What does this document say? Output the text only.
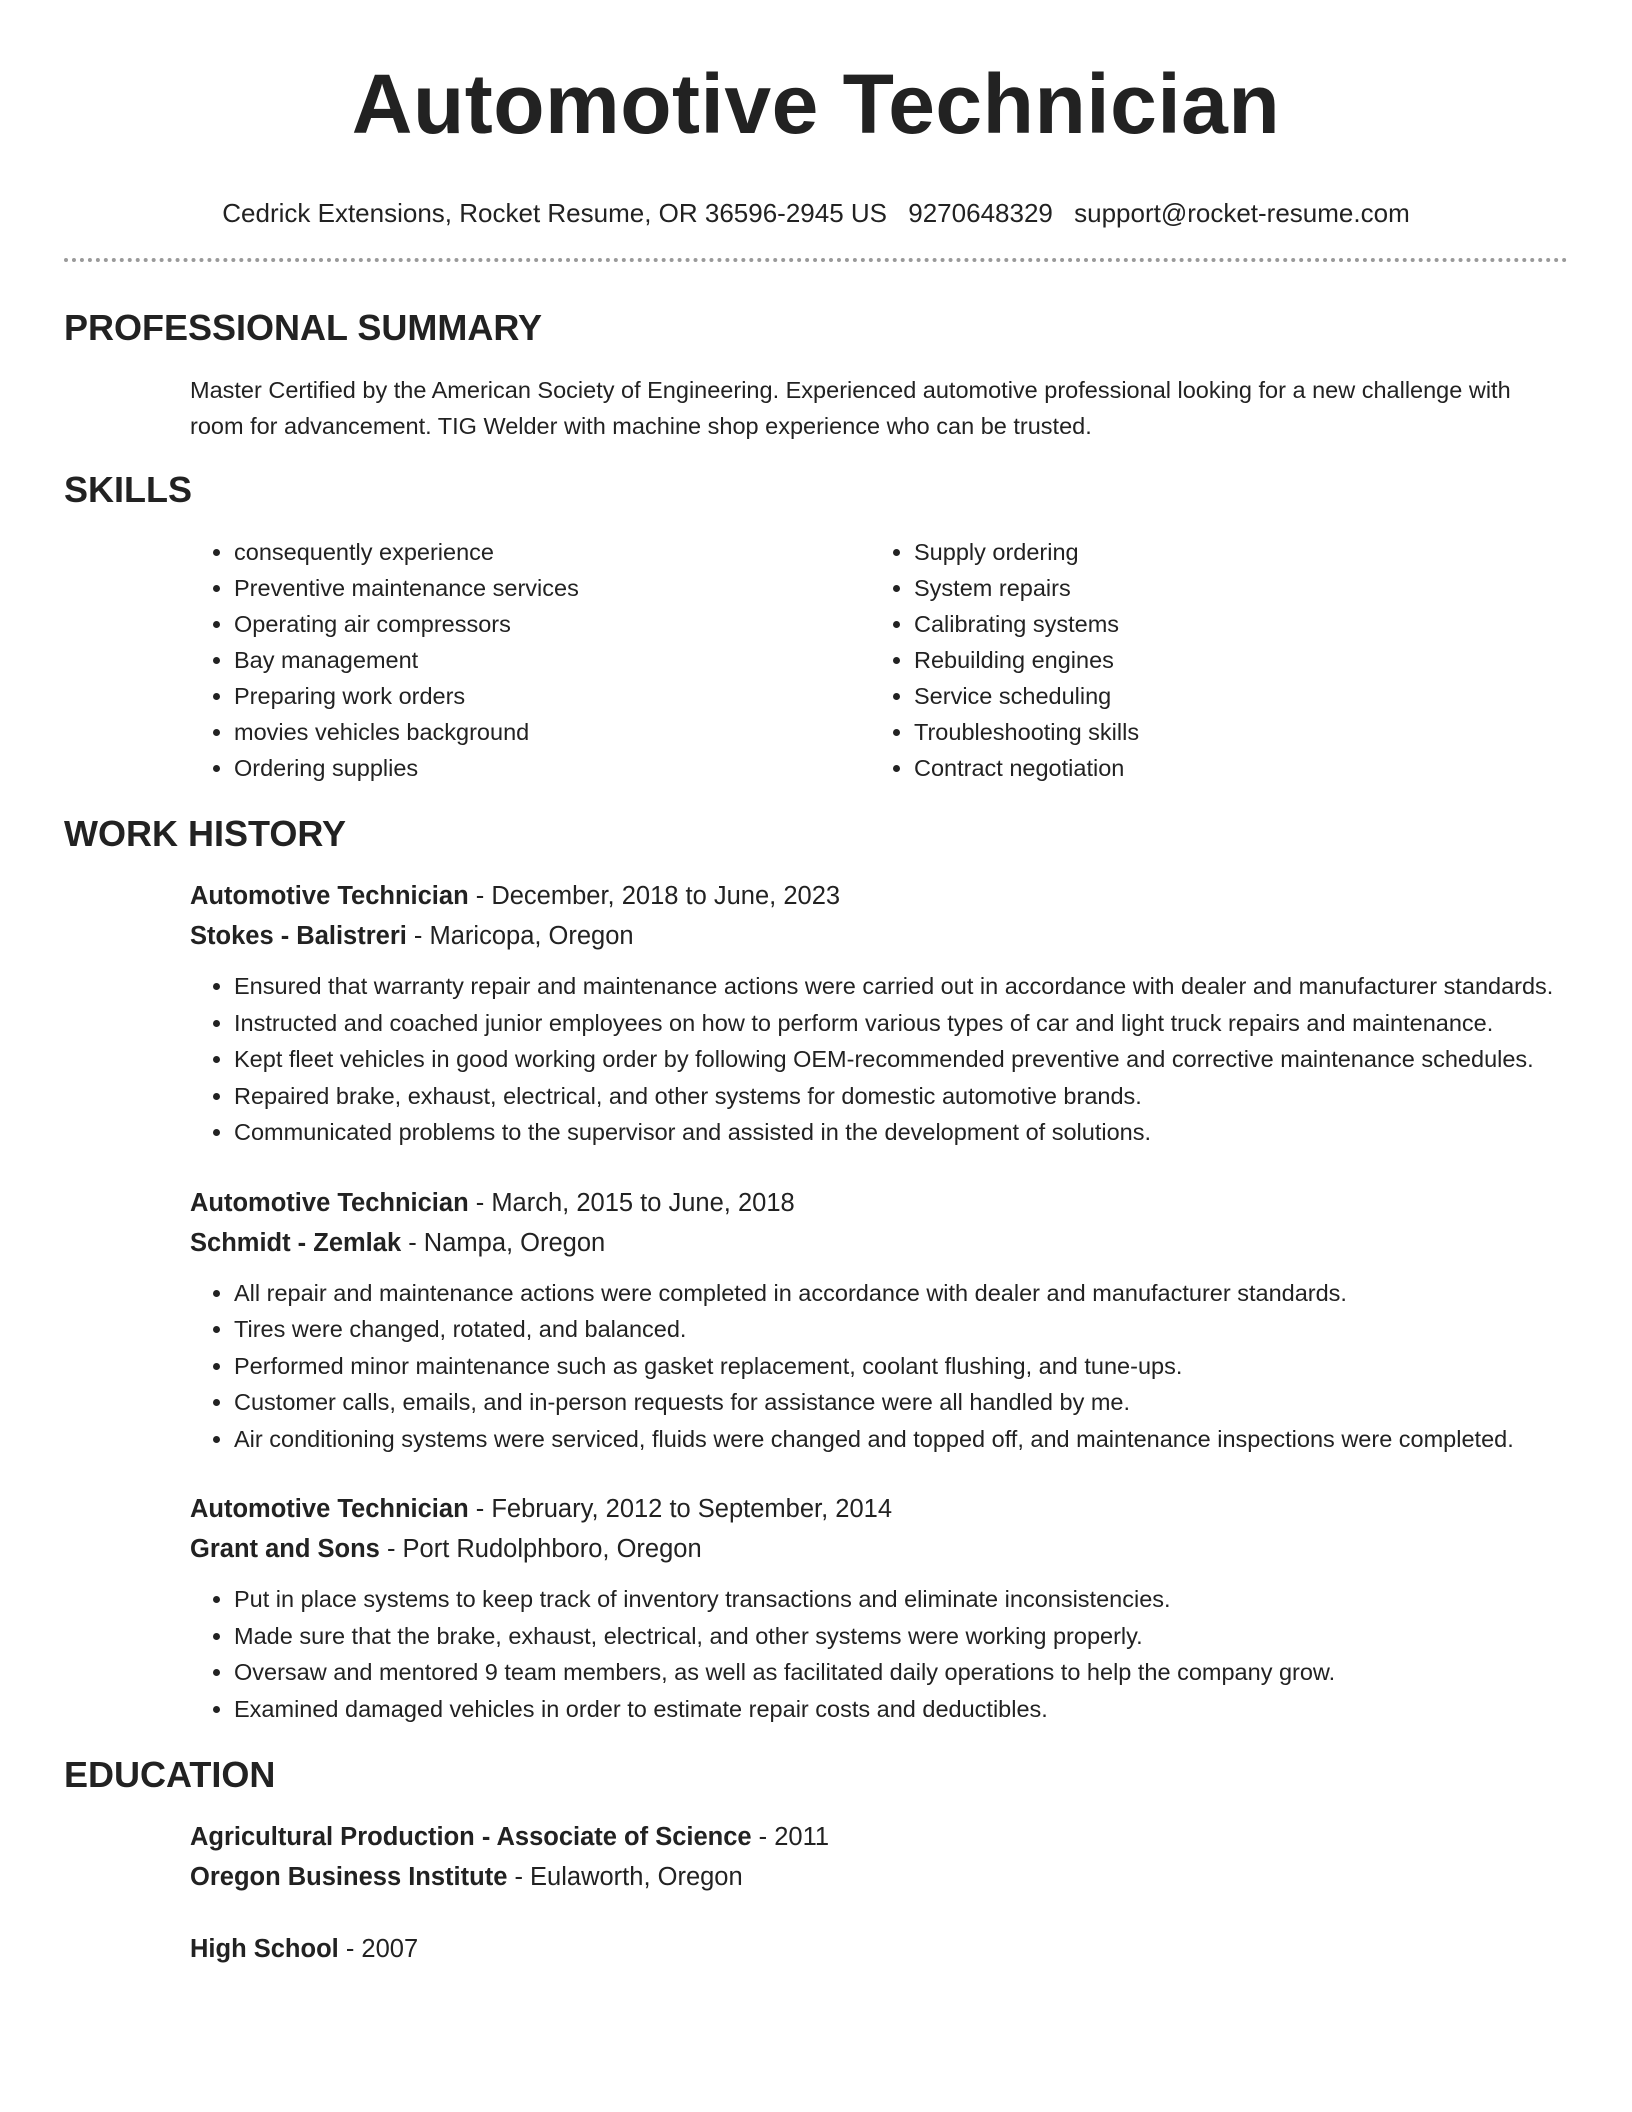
Automotive Technician
Cedrick Extensions, Rocket Resume, OR 36596-2945 US 9270648329 support@rocket-resume.com
PROFESSIONAL SUMMARY

Master Certified by the American Society of Engineering. Experienced automotive professional looking for a new challenge with room for advancement. TIG Welder with machine shop experience who can be trusted.

SKILLS
• consequently experience
• Preventive maintenance services
• Operating air compressors
• Bay management
• Preparing work orders
• movies vehicles background
• Ordering supplies
• Supply ordering
• System repairs
• Calibrating systems
• Rebuilding engines
• Service scheduling
• Troubleshooting skills
• Contract negotiation
WORK HISTORY
Automotive Technician - December, 2018 to June, 2023
Stokes - Balistreri - Maricopa, Oregon
• Ensured that warranty repair and maintenance actions were carried out in accordance with dealer and manufacturer standards.
• Instructed and coached junior employees on how to perform various types of car and light truck repairs and maintenance.
• Kept fleet vehicles in good working order by following OEM-recommended preventive and corrective maintenance schedules.
• Repaired brake, exhaust, electrical, and other systems for domestic automotive brands.
• Communicated problems to the supervisor and assisted in the development of solutions.
Automotive Technician - March, 2015 to June, 2018
Schmidt - Zemlak - Nampa, Oregon
• All repair and maintenance actions were completed in accordance with dealer and manufacturer standards.
• Tires were changed, rotated, and balanced.
• Performed minor maintenance such as gasket replacement, coolant flushing, and tune-ups.
• Customer calls, emails, and in-person requests for assistance were all handled by me.
• Air conditioning systems were serviced, fluids were changed and topped off, and maintenance inspections were completed.
Automotive Technician - February, 2012 to September, 2014
Grant and Sons - Port Rudolphboro, Oregon
• Put in place systems to keep track of inventory transactions and eliminate inconsistencies.
• Made sure that the brake, exhaust, electrical, and other systems were working properly.
• Oversaw and mentored 9 team members, as well as facilitated daily operations to help the company grow.
• Examined damaged vehicles in order to estimate repair costs and deductibles.
EDUCATION
Agricultural Production - Associate of Science - 2011
Oregon Business Institute - Eulaworth, Oregon
High School - 2007
